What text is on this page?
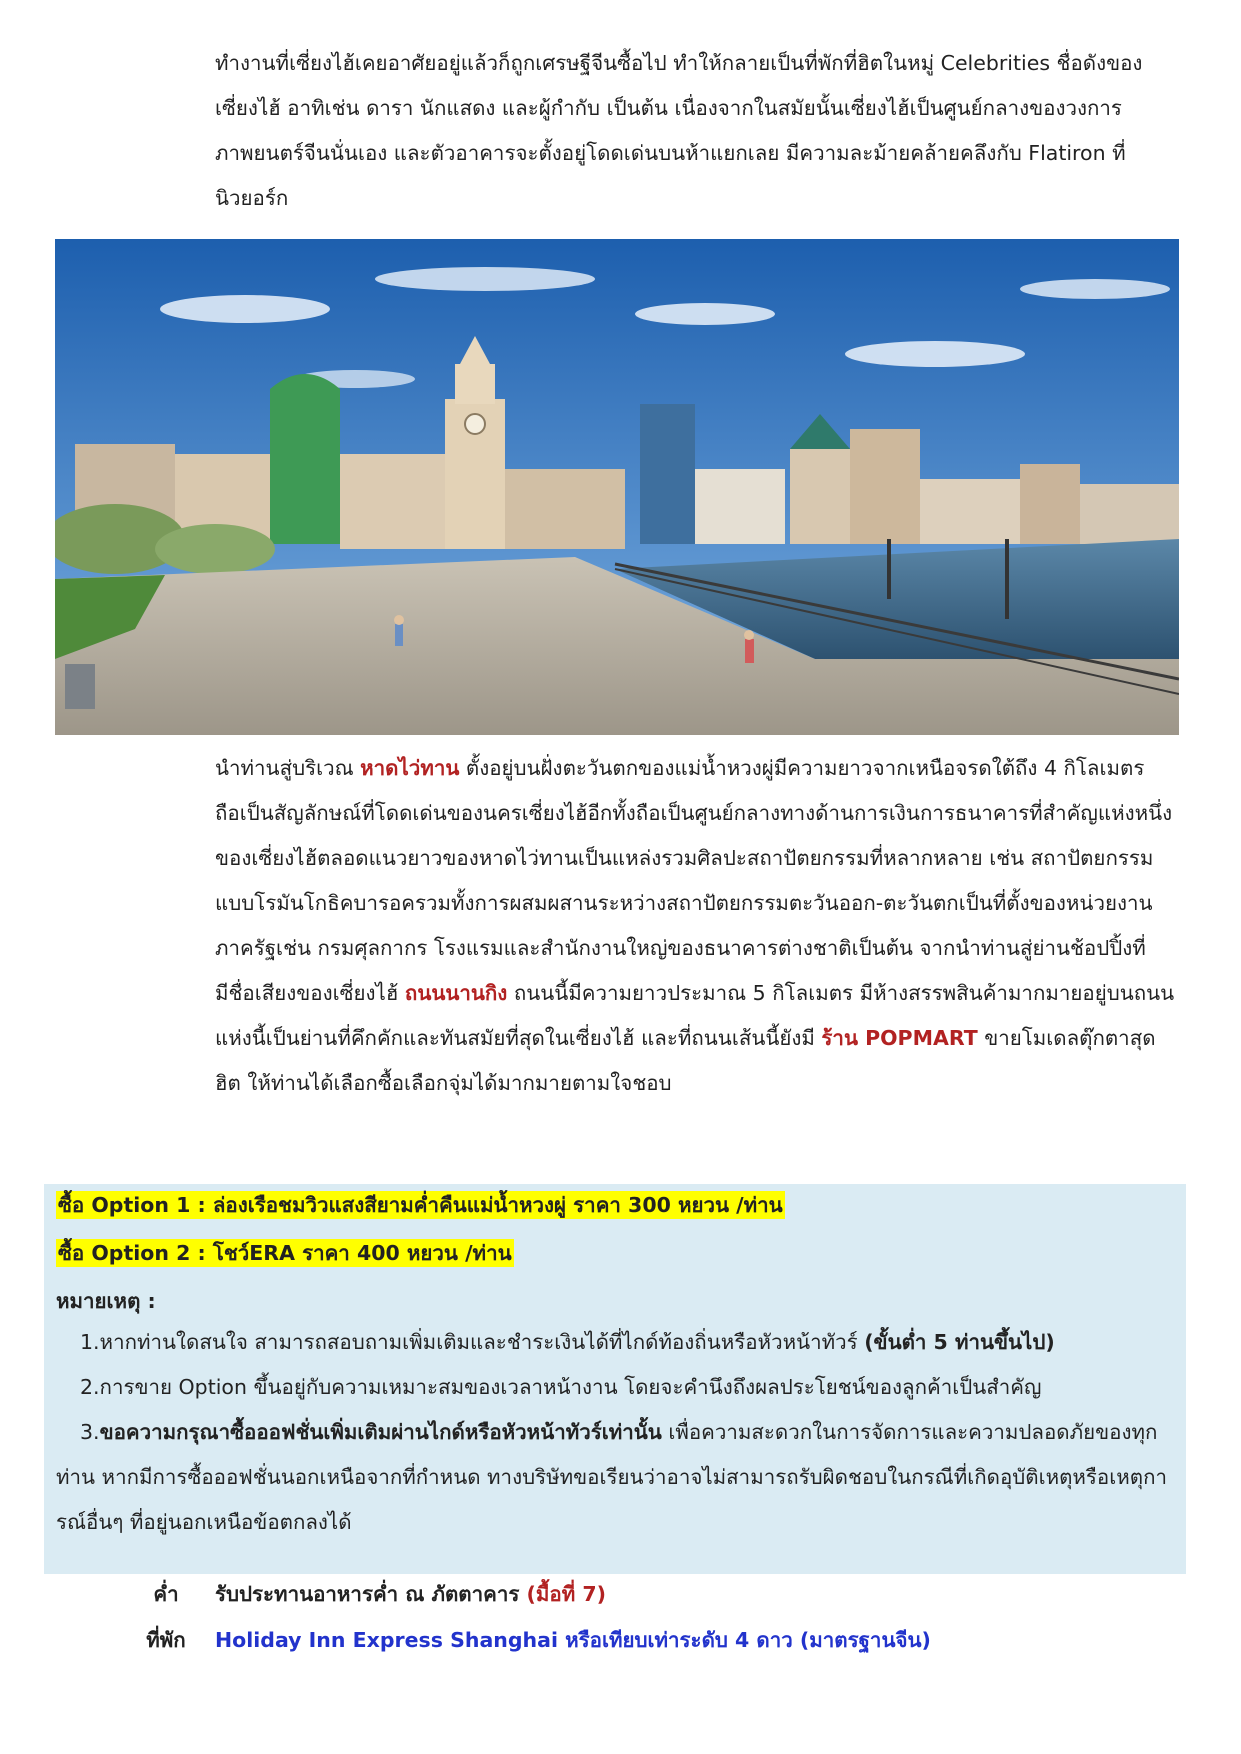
ทำงานที่เซี่ยงไฮ้เคยอาศัยอยู่แล้วก็ถูกเศรษฐีจีนซื้อไป ทำให้กลายเป็นที่พักที่ฮิตในหมู่ Celebrities ชื่อดังของเซี่ยงไฮ้ อาทิเช่น ดารา นักแสดง และผู้กำกับ เป็นต้น เนื่องจากในสมัยนั้นเซี่ยงไฮ้เป็นศูนย์กลางของวงการภาพยนตร์จีนนั่นเอง และตัวอาคารจะตั้งอยู่โดดเด่นบนห้าแยกเลย มีความละม้ายคล้ายคลึงกับ Flatiron ที่นิวยอร์ก

นำท่านสู่บริเวณ หาดไว่ทาน ตั้งอยู่บนฝั่งตะวันตกของแม่น้ำหวงผู่มีความยาวจากเหนือจรดใต้ถึง 4 กิโลเมตร ถือเป็นสัญลักษณ์ที่โดดเด่นของนครเซี่ยงไฮ้อีกทั้งถือเป็นศูนย์กลางทางด้านการเงินการธนาคารที่สำคัญแห่งหนึ่งของเซี่ยงไฮ้ตลอดแนวยาวของหาดไว่ทานเป็นแหล่งรวมศิลปะสถาปัตยกรรมที่หลากหลาย เช่น สถาปัตยกรรมแบบโรมันโกธิคบารอครวมทั้งการผสมผสานระหว่างสถาปัตยกรรมตะวันออก-ตะวันตกเป็นที่ตั้งของหน่วยงานภาครัฐเช่น กรมศุลกากร โรงแรมและสำนักงานใหญ่ของธนาคารต่างชาติเป็นต้น จากนำท่านสู่ย่านช้อปปิ้งที่มีชื่อเสียงของเซี่ยงไฮ้ ถนนนานกิง ถนนนี้มีความยาวประมาณ 5 กิโลเมตร มีห้างสรรพสินค้ามากมายอยู่บนถนนแห่งนี้เป็นย่านที่คึกคักและทันสมัยที่สุดในเซี่ยงไฮ้ และที่ถนนเส้นนี้ยังมี ร้าน POPMART ขายโมเดลตุ๊กตาสุดฮิต ให้ท่านได้เลือกซื้อเลือกจุ่มได้มากมายตามใจชอบ

ซื้อ Option 1 : ล่องเรือชมวิวแสงสียามค่ำคืนแม่น้ำหวงผู่ ราคา 300 หยวน /ท่าน
ซื้อ Option 2 : โชว์ERA ราคา 400 หยวน /ท่าน
หมายเหตุ :
1.หากท่านใดสนใจ สามารถสอบถามเพิ่มเติมและชำระเงินได้ที่ไกด์ท้องถิ่นหรือหัวหน้าทัวร์ (ขั้นต่ำ 5 ท่านขึ้นไป)
2.การขาย Option ขึ้นอยู่กับความเหมาะสมของเวลาหน้างาน โดยจะคำนึงถึงผลประโยชน์ของลูกค้าเป็นสำคัญ
3.ขอความกรุณาซื้อออฟชั่นเพิ่มเติมผ่านไกด์หรือหัวหน้าทัวร์เท่านั้น เพื่อความสะดวกในการจัดการและความปลอดภัยของทุกท่าน หากมีการซื้อออฟชั่นนอกเหนือจากที่กำหนด ทางบริษัทขอเรียนว่าอาจไม่สามารถรับผิดชอบในกรณีที่เกิดอุบัติเหตุหรือเหตุการณ์อื่นๆ ที่อยู่นอกเหนือข้อตกลงได้
ค่ำ	รับประทานอาหารค่ำ ณ ภัตตาคาร (มื้อที่ 7)
ที่พัก	Holiday Inn Express Shanghai หรือเทียบเท่าระดับ 4 ดาว (มาตรฐานจีน)
